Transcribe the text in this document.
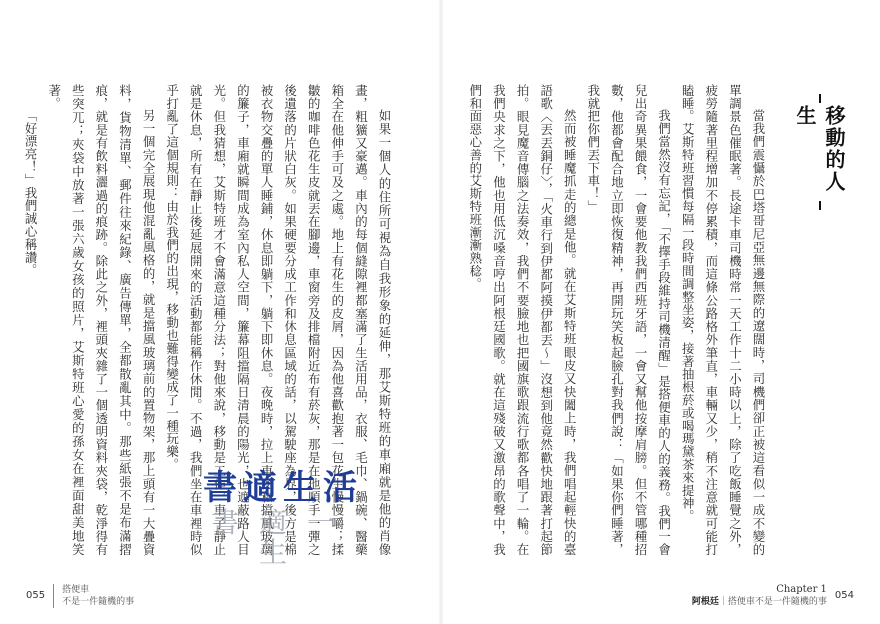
如果一個人的住所可視為自我形象的延伸，那艾斯特班的車廂就是他的肖像畫，粗獷又豪邁。車內的每個縫隙裡都塞滿了生活用品，衣服、毛巾、鍋碗、醫藥箱全在他伸手可及之處。地上有花生的皮屑，因為他喜歡抱著一包花生慢慢嚼；揉皺的咖啡色花生皮就丟在腳邊，車窗旁及排檔附近布有菸灰，那是在他順手一彈之後遺落的片狀白灰。如果硬要分成工作和休息區域的話，以駕駛座為界，後方是棉被衣物交疊的單人睡鋪，休息即躺下，躺下即休息。夜晚時，拉上車窗和擋風玻璃的簾子，車廂就瞬間成為室內私人空間，簾幕阻擋隔日清晨的陽光，也遮蔽路人目光。但我猜想，艾斯特班才不會滿意這種分法；對他來說，移動是工作，車子靜止就是休息，所有在靜止後延展開來的活動都能稱作休閒。不過，我們坐在車裡時似乎打亂了這個規則：由於我們的出現，移動也難得變成了一種玩樂。

另一個完全展現他混亂風格的，就是擋風玻璃前的置物架，那上頭有一大疊資料，貨物清單、郵件往來紀錄、廣告傳單，全都散亂其中。那些紙張不是布滿摺痕，就是有飲料灑過的痕跡。除此之外，裡頭夾雜了一個透明資料夾袋，乾淨得有些突兀；夾袋中放著一張六歲女孩的照片，艾斯特班心愛的孫女在裡面甜美地笑著。

「好漂亮！」我們誠心稱讚。

書適生活
書適一生
055 搭便車
不是一件隨機的事
移動的人生

當我們震懾於巴塔哥尼亞無邊無際的遼闊時，司機們卻正被這看似一成不變的單調景色催眠著。長途卡車司機時常一天工作十二小時以上，除了吃飯睡覺之外，疲勞隨著里程增加不停累積，而這條公路格外筆直，車輛又少，稍不注意就可能打瞌睡。艾斯特班習慣每隔一段時間調整坐姿，接著抽根菸或喝瑪黛茶來提神。

我們當然沒有忘記，「不擇手段維持司機清醒」是搭便車的人的義務。我們一會兒出奇異果餵食，一會要他教我們西班牙語，一會又幫他按摩肩膀。但不管哪種招數，他都會配合地立即恢復精神，再開玩笑板起臉孔對我們說：「如果你們睡著，我就把你們丟下車！」

然而被睡魔抓走的總是他。就在艾斯特班眼皮又快闔上時，我們唱起輕快的臺語歌〈丟丟銅仔〉，「火車行到伊都阿摸伊都丟～」沒想到他竟然歡快地跟著打起節拍。眼見魔音傳腦之法奏效，我們不要臉地也把國旗歌跟流行歌都各唱了一輪。在我們央求之下，他也用低沉嗓音哼出阿根廷國歌。就在這殘破又激昂的歌聲中，我們和面惡心善的艾斯特班漸漸熟稔。

Chapter 1
阿根廷｜搭便車不是一件隨機的事
054
